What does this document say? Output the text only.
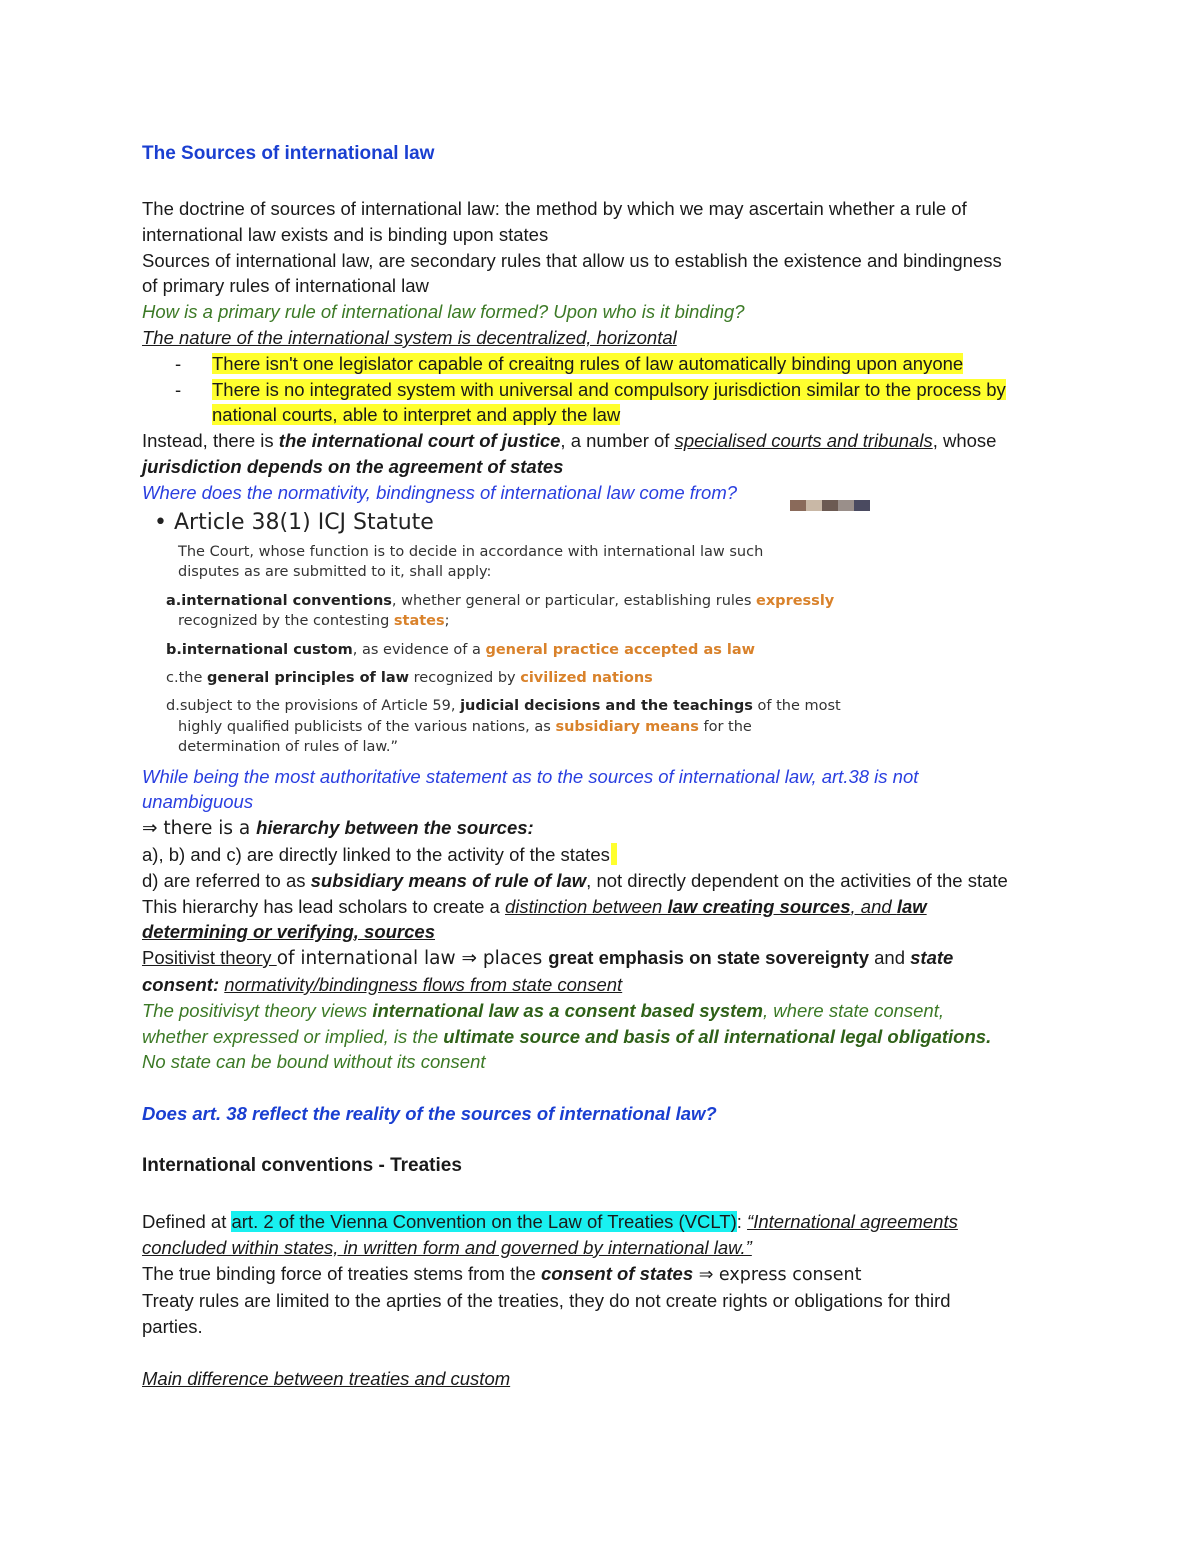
The Sources of international law
The doctrine of sources of international law: the method by which we may ascertain whether a rule of
international law exists and is binding upon states
Sources of international law, are secondary rules that allow us to establish the existence and bindingness
of primary rules of international law
How is a primary rule of international law formed? Upon who is it binding?
The nature of the international system is decentralized, horizontal
- There isn't one legislator capable of creaitng rules of law automatically binding upon anyone
- There is no integrated system with universal and compulsory jurisdiction similar to the process by
national courts, able to interpret and apply the law
Instead, there is the international court of justice, a number of specialised courts and tribunals, whose
jurisdiction depends on the agreement of states
Where does the normativity, bindingness of international law come from?
• Article 38(1) ICJ Statute
The Court, whose function is to decide in accordance with international law such
disputes as are submitted to it, shall apply:
a.international conventions, whether general or particular, establishing rules expressly
recognized by the contesting states;
b.international custom, as evidence of a general practice accepted as law
c.the general principles of law recognized by civilized nations
d.subject to the provisions of Article 59, judicial decisions and the teachings of the most
highly qualified publicists of the various nations, as subsidiary means for the
determination of rules of law.”
While being the most authoritative statement as to the sources of international law, art.38 is not
unambiguous
⇒ there is a hierarchy between the sources:
a), b) and c) are directly linked to the activity of the states
d) are referred to as subsidiary means of rule of law, not directly dependent on the activities of the state
This hierarchy has lead scholars to create a distinction between law creating sources, and law
determining or verifying, sources
Positivist theory of international law ⇒ places great emphasis on state sovereignty and state
consent: normativity/bindingness flows from state consent
The positivisyt theory views international law as a consent based system, where state consent,
whether expressed or implied, is the ultimate source and basis of all international legal obligations.
No state can be bound without its consent
Does art. 38 reflect the reality of the sources of international law?
International conventions - Treaties
Defined at art. 2 of the Vienna Convention on the Law of Treaties (VCLT): “International agreements
concluded within states, in written form and governed by international law.”
The true binding force of treaties stems from the consent of states ⇒ express consent
Treaty rules are limited to the aprties of the treaties, they do not create rights or obligations for third
parties.
Main difference between treaties and custom
